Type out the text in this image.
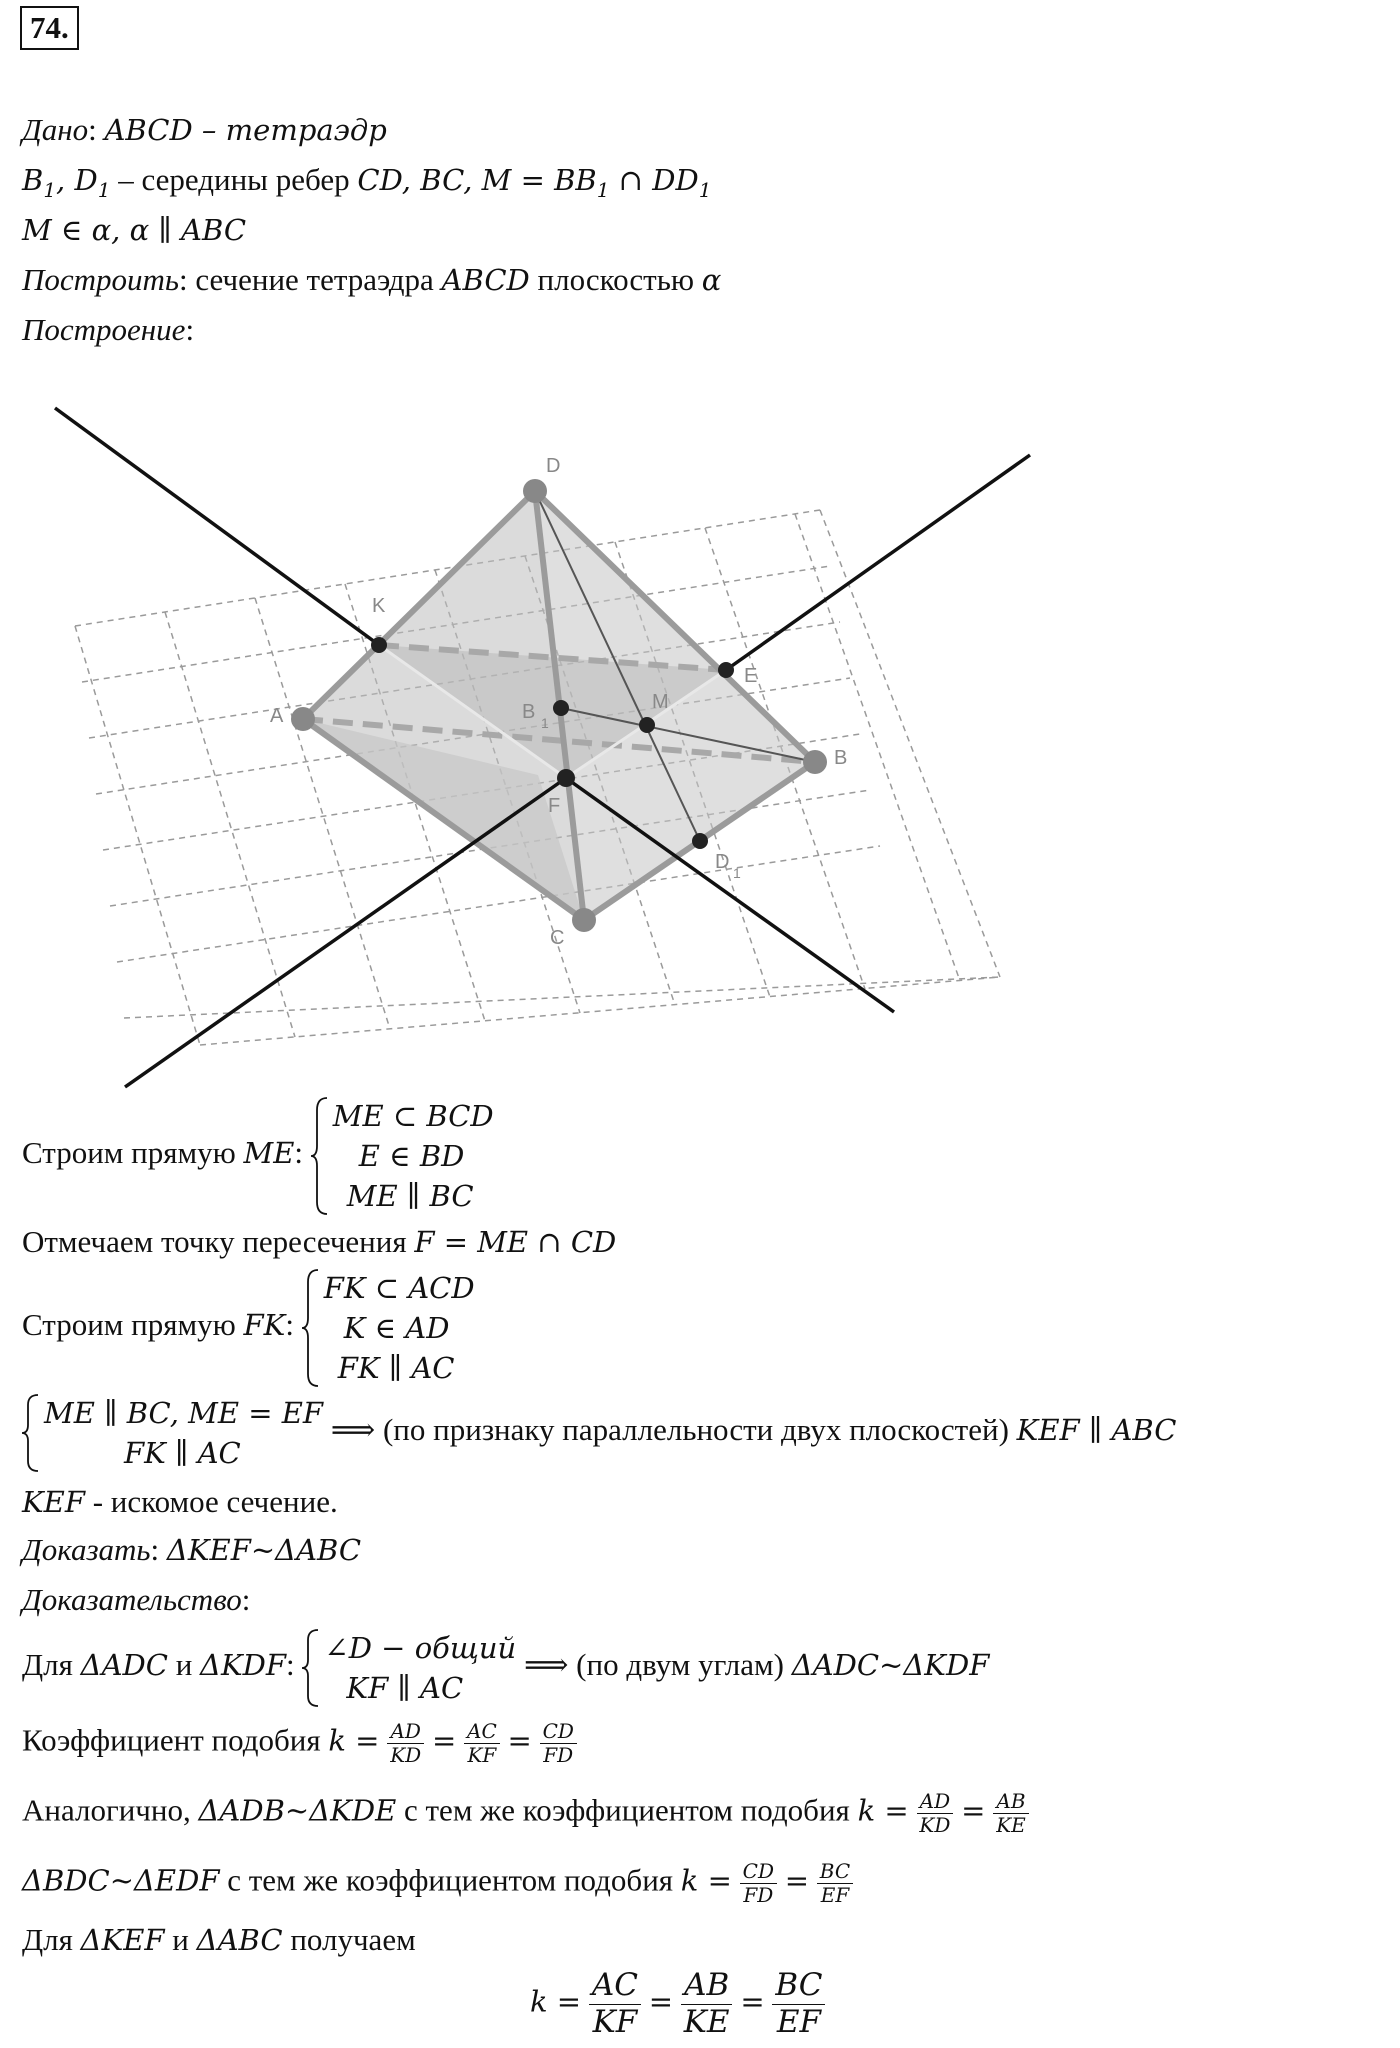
74.
Дано: ABCD – тетраэдр
$B_1$, $D_1$ – середины ребер CD, BC, $M = BB_1$ ∩ $DD_1$
M ∈ α, α ∥ ABC
Построить: сечение тетраэдра ABCD плоскостью α
Построение:
D
K
E
A	B 1
M
B
F
D 1
C
Строим прямую ME:
ME ⊂ BCD
E ∈ BD
ME ∥ BC
Отмечаем точку пересечения F = ME ∩ CD
Строим прямую FK:
FK ⊂ ACD
K ∈ AD
FK ∥ AC
ME ∥ BC, ME = EF
FK ∥ AC
⟹ (по признаку параллельности двух плоскостей) KEF ∥ ABC
KEF - искомое сечение.
Доказать: ΔKEF~ΔABC
Доказательство:
Для ΔADC и ΔKDF: ∠D − общий
KF ∥ AC
⟹ (по двум углам) ΔADC~ΔKDF
Коэффициент подобия $k = \frac{AD}{KD} = \frac{AC}{KF} = \frac{CD}{FD}$
Аналогично, ΔADB~ΔKDE с тем же коэффициентом подобия $k = \frac{AD}{KD} = \frac{AB}{KE}$
ΔBDC~ΔEDF с тем же коэффициентом подобия $k = \frac{CD}{FD} = \frac{BC}{EF}$
Для ΔKEF и ΔABC получаем
$k = \frac{AC}{KF} = \frac{AB}{KE} = \frac{BC}{EF}$
